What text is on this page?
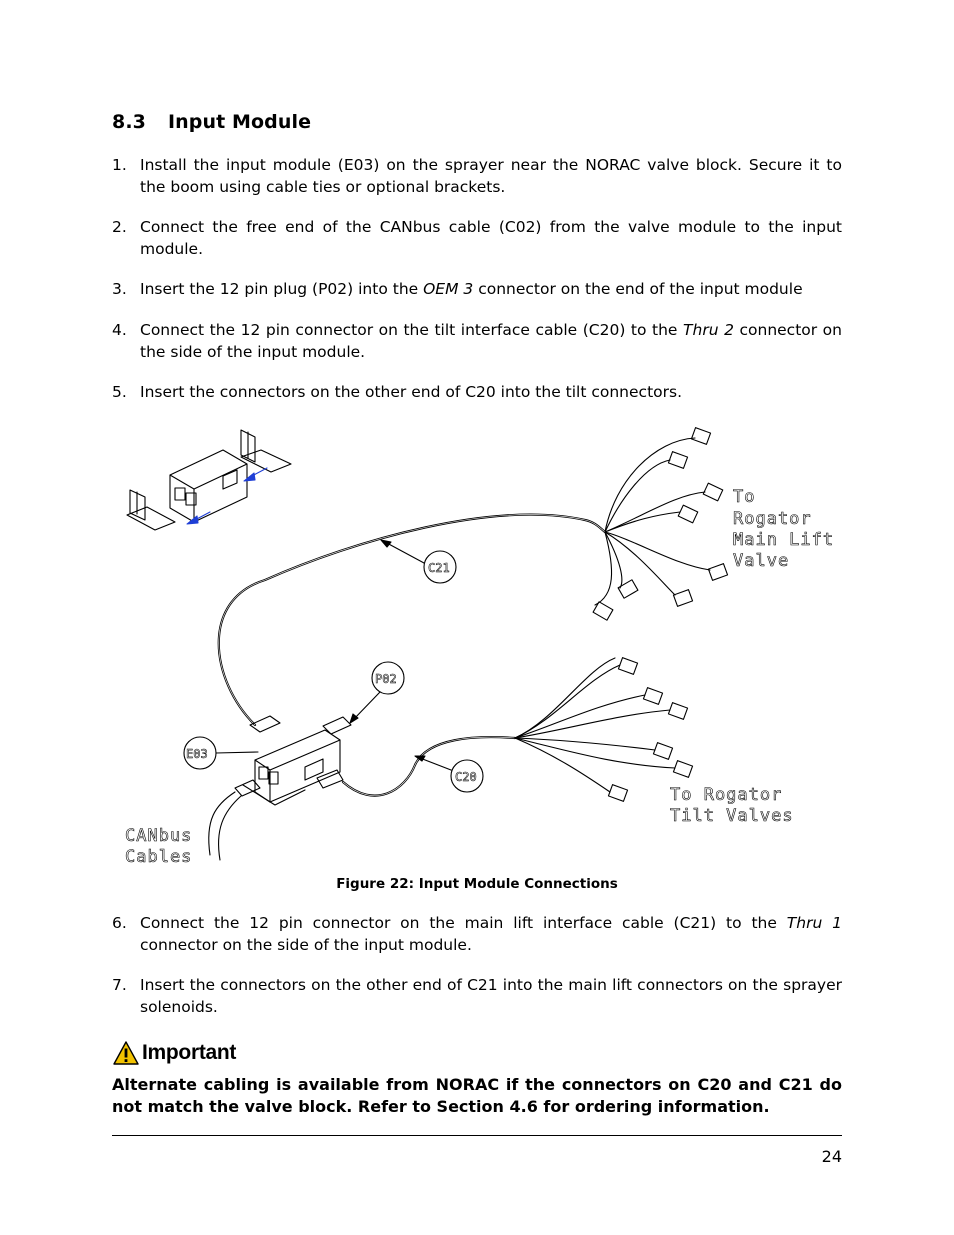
8.3 Input Module
1. Install the input module (E03) on the sprayer near the NORAC valve block. Secure it to the boom using cable ties or optional brackets.
2. Connect the free end of the CANbus cable (C02) from the valve module to the input module.
3. Insert the 12 pin plug (P02) into the OEM 3 connector on the end of the input module
4. Connect the 12 pin connector on the tilt interface cable (C20) to the Thru 2 connector on the side of the input module.
5. Insert the connectors on the other end of C20 into the tilt connectors.
C21
P02
E03
C20
To
Rogator
Main Lift
Valve
To Rogator
Tilt Valves
CANbus
Cables
Figure 22: Input Module Connections
6. Connect the 12 pin connector on the main lift interface cable (C21) to the Thru 1 connector on the side of the input module.
7. Insert the connectors on the other end of C21 into the main lift connectors on the sprayer solenoids.
Important
Alternate cabling is available from NORAC if the connectors on C20 and C21 do not match the valve block. Refer to Section 4.6 for ordering information.
24
